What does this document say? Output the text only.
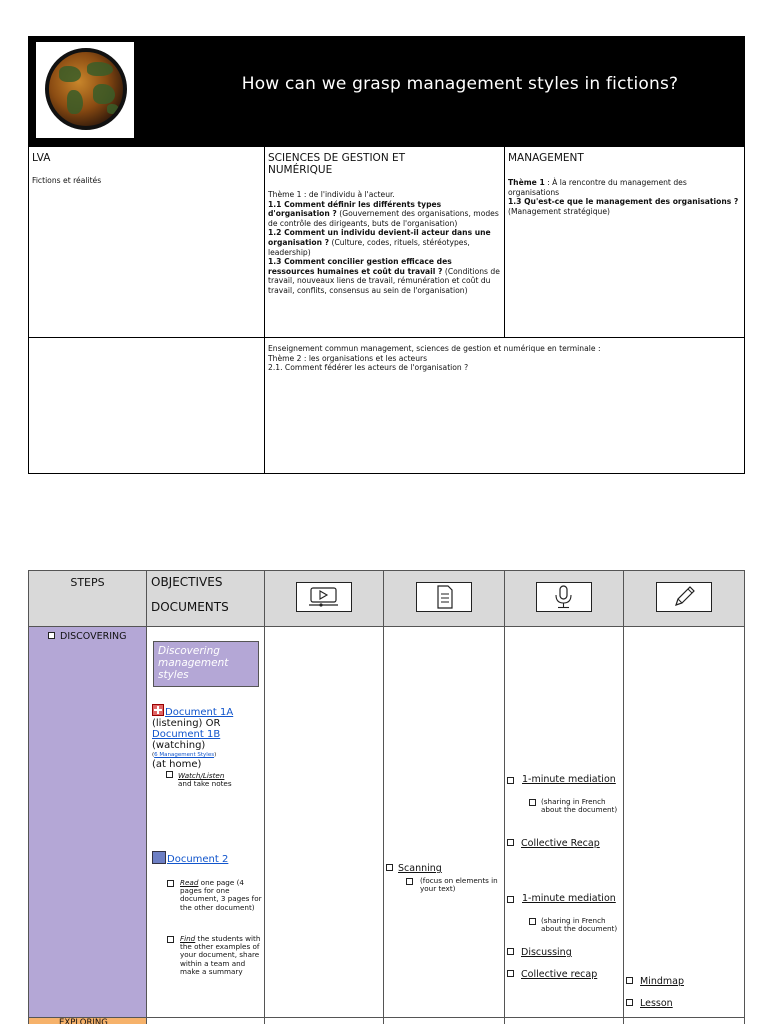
How can we grasp management styles in fictions?
LVA
Fictions et réalités
SCIENCES DE GESTION ET NUMÉRIQUE
Thème 1 : de l'individu à l'acteur.
1.1 Comment définir les différents types d'organisation ? (Gouvernement des organisations, modes de contrôle des dirigeants, buts de l'organisation)
1.2 Comment un individu devient-il acteur dans une organisation ? (Culture, codes, rituels, stéréotypes, leadership)
1.3 Comment concilier gestion efficace des ressources humaines et coût du travail ? (Conditions de travail, nouveaux liens de travail, rémunération et coût du travail, conflits, consensus au sein de l'organisation)
MANAGEMENT
Thème 1 : À la rencontre du management des organisations
1.3 Qu'est-ce que le management des organisations ? (Management stratégique)
Enseignement commun management, sciences de gestion et numérique en terminale :
Thème 2 : les organisations et les acteurs
2.1. Comment fédérer les acteurs de l'organisation ?
STEPS	OBJECTIVES
DOCUMENTS
DISCOVERING
Discovering management styles
Document 1A
(listening) OR
Document 1B
(watching)
(6 Management Styles)
(at home)
Watch/Listen
and take notes
Document 2
Read one page (4 pages for one document, 3 pages for the other document)
Find the students with the other examples of your document, share within a team and make a summary
Scanning
(focus on elements in your text)
1-minute mediation
(sharing in French about the document)
Collective Recap
1-minute mediation
(sharing in French about the document)
Discussing
Collective recap
Mindmap
Lesson
EXPLORING
